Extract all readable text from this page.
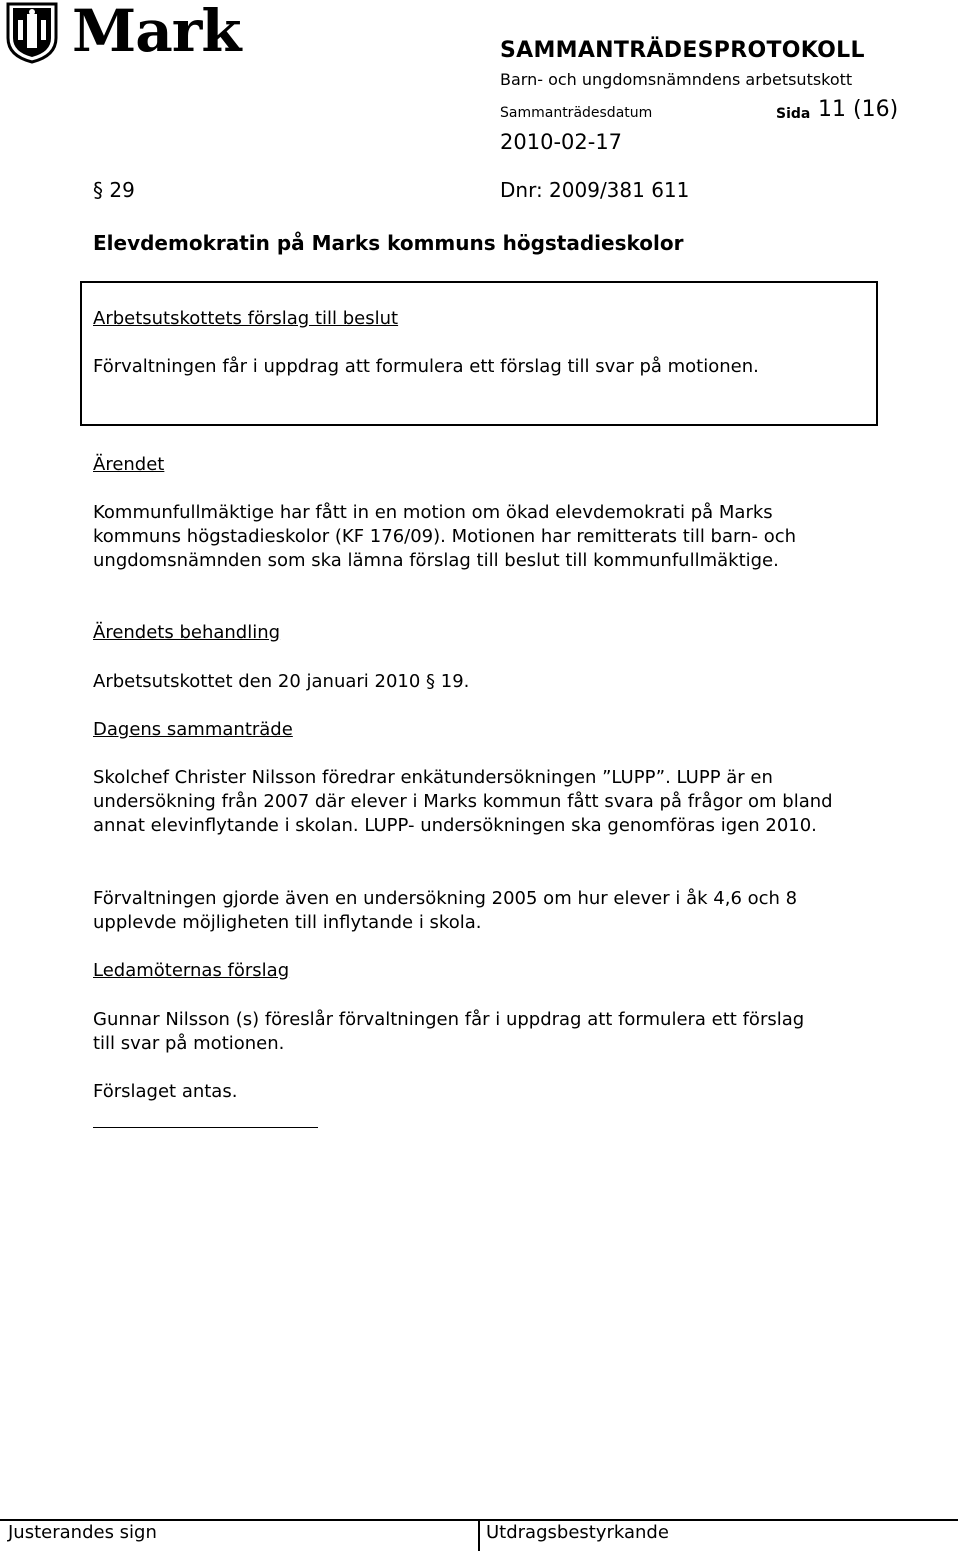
Mark	SAMMANTRÄDESPROTOKOLL
Barn- och ungdomsnämndens arbetsutskott
Sammanträdesdatum	Sida 11 (16)
2010-02-17
§ 29	Dnr: 2009/381 611
Elevdemokratin på Marks kommuns högstadieskolor
Arbetsutskottets förslag till beslut
Förvaltningen får i uppdrag att formulera ett förslag till svar på motionen.
Ärendet
Kommunfullmäktige har fått in en motion om ökad elevdemokrati på Marks kommuns högstadieskolor (KF 176/09). Motionen har remitterats till barn- och ungdomsnämnden som ska lämna förslag till beslut till kommunfullmäktige.
Ärendets behandling
Arbetsutskottet den 20 januari 2010 § 19.
Dagens sammanträde
Skolchef Christer Nilsson föredrar enkätundersökningen ”LUPP”. LUPP är en undersökning från 2007 där elever i Marks kommun fått svara på frågor om bland annat elevinflytande i skolan. LUPP- undersökningen ska genomföras igen 2010.
Förvaltningen gjorde även en undersökning 2005 om hur elever i åk 4,6 och 8 upplevde möjligheten till inflytande i skola.
Ledamöternas förslag
Gunnar Nilsson (s) föreslår förvaltningen får i uppdrag att formulera ett förslag till svar på motionen.
Förslaget antas.
Justerandes sign	Utdragsbestyrkande
